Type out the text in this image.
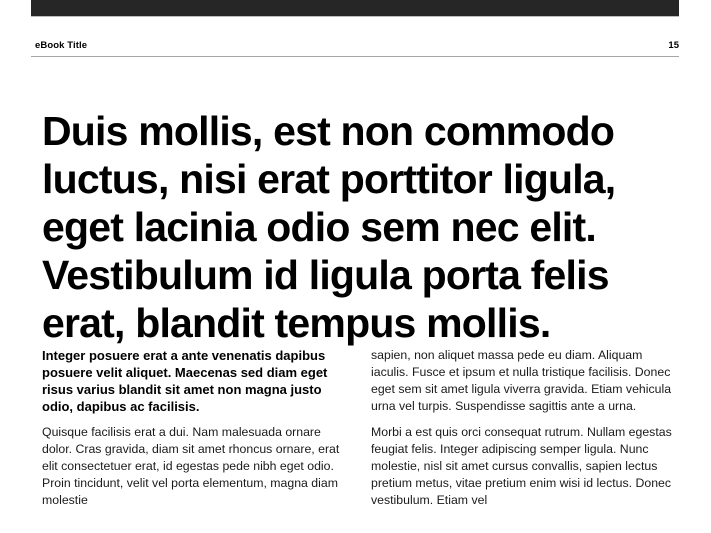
eBook Title	15
Duis mollis, est non commodo
luctus, nisi erat porttitor ligula,
eget lacinia odio sem nec elit.
Vestibulum id ligula porta felis
erat, blandit tempus mollis.

Integer posuere erat a ante venenatis dapibus posuere velit aliquet. Maecenas sed diam eget risus varius blandit sit amet non magna justo odio, dapibus ac facilisis.

Quisque facilisis erat a dui. Nam malesuada ornare dolor. Cras gravida, diam sit amet rhoncus ornare, erat elit consectetuer erat, id egestas pede nibh eget odio. Proin tincidunt, velit vel porta elementum, magna diam molestie

sapien, non aliquet massa pede eu diam. Aliquam iaculis. Fusce et ipsum et nulla tristique facilisis. Donec eget sem sit amet ligula viverra gravida. Etiam vehicula urna vel turpis. Suspendisse sagittis ante a urna.

Morbi a est quis orci consequat rutrum. Nullam egestas feugiat felis. Integer adipiscing semper ligula. Nunc molestie, nisl sit amet cursus convallis, sapien lectus pretium metus, vitae pretium enim wisi id lectus. Donec vestibulum. Etiam vel
